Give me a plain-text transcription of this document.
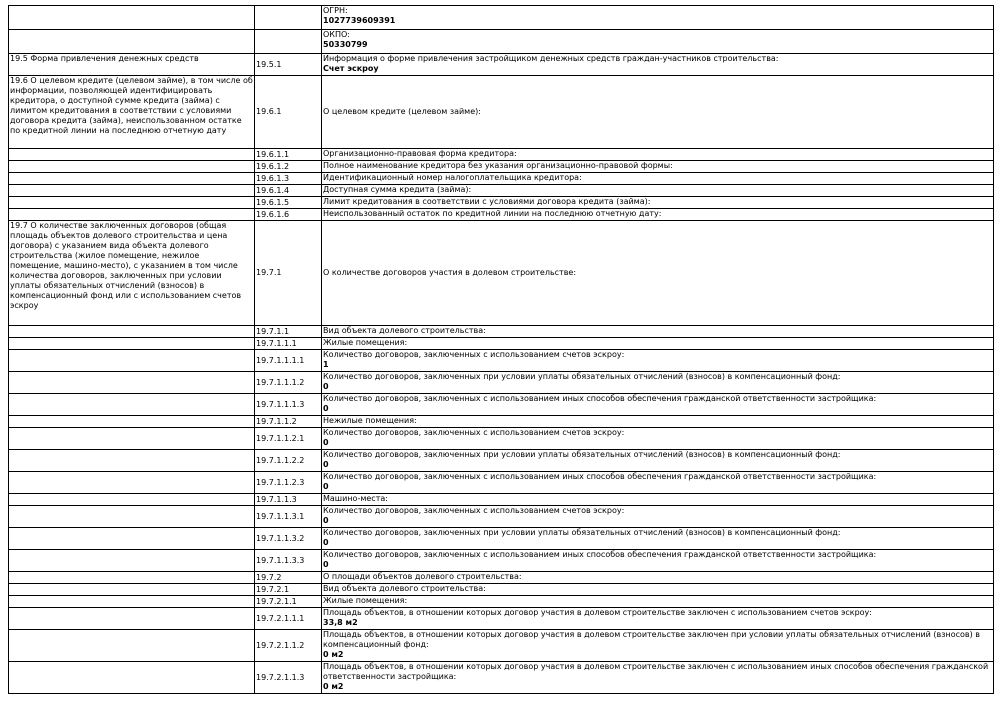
		ОГРН:
1027739609391

		ОКПО:
50330799

19.5 Форма привлечения денежных средств	19.5.1	Информация о форме привлечения застройщиком денежных средств граждан-участников строительства:
Счет эскроу

19.6 О целевом кредите (целевом займе), в том числе об информации, позволяющей идентифицировать кредитора, о доступной сумме кредита (займа) с лимитом кредитования в соответствии с условиями договора кредита (займа), неиспользованном остатке по кредитной линии на последнюю отчетную дату	19.6.1	О целевом кредите (целевом займе):

	19.6.1.1	Организационно-правовая форма кредитора:

	19.6.1.2	Полное наименование кредитора без указания организационно-правовой формы:

	19.6.1.3	Идентификационный номер налогоплательщика кредитора:

	19.6.1.4	Доступная сумма кредита (займа):

	19.6.1.5	Лимит кредитования в соответствии с условиями договора кредита (займа):

	19.6.1.6	Неиспользованный остаток по кредитной линии на последнюю отчетную дату:

19.7 О количестве заключенных договоров (общая площадь объектов долевого строительства и цена договора) с указанием вида объекта долевого строительства (жилое помещение, нежилое помещение, машино-место), с указанием в том числе количества договоров, заключенных при условии уплаты обязательных отчислений (взносов) в компенсационный фонд или с использованием счетов эскроу	19.7.1	О количестве договоров участия в долевом строительстве:

	19.7.1.1	Вид объекта долевого строительства:

	19.7.1.1.1	Жилые помещения:

	19.7.1.1.1.1	Количество договоров, заключенных с использованием счетов эскроу:
1

	19.7.1.1.1.2	Количество договоров, заключенных при условии уплаты обязательных отчислений (взносов) в компенсационный фонд:
0

	19.7.1.1.1.3	Количество договоров, заключенных с использованием иных способов обеспечения гражданской ответственности застройщика:
0

	19.7.1.1.2	Нежилые помещения:

	19.7.1.1.2.1	Количество договоров, заключенных с использованием счетов эскроу:
0

	19.7.1.1.2.2	Количество договоров, заключенных при условии уплаты обязательных отчислений (взносов) в компенсационный фонд:
0

	19.7.1.1.2.3	Количество договоров, заключенных с использованием иных способов обеспечения гражданской ответственности застройщика:
0

	19.7.1.1.3	Машино-места:

	19.7.1.1.3.1	Количество договоров, заключенных с использованием счетов эскроу:
0

	19.7.1.1.3.2	Количество договоров, заключенных при условии уплаты обязательных отчислений (взносов) в компенсационный фонд:
0

	19.7.1.1.3.3	Количество договоров, заключенных с использованием иных способов обеспечения гражданской ответственности застройщика:
0

	19.7.2	О площади объектов долевого строительства:

	19.7.2.1	Вид объекта долевого строительства:

	19.7.2.1.1	Жилые помещения:

	19.7.2.1.1.1	Площадь объектов, в отношении которых договор участия в долевом строительстве заключен с использованием счетов эскроу:
33,8 м2

	19.7.2.1.1.2	Площадь объектов, в отношении которых договор участия в долевом строительстве заключен при условии уплаты обязательных отчислений (взносов) в компенсационный фонд:
0 м2

	19.7.2.1.1.3	Площадь объектов, в отношении которых договор участия в долевом строительстве заключен с использованием иных способов обеспечения гражданской ответственности застройщика:
0 м2
